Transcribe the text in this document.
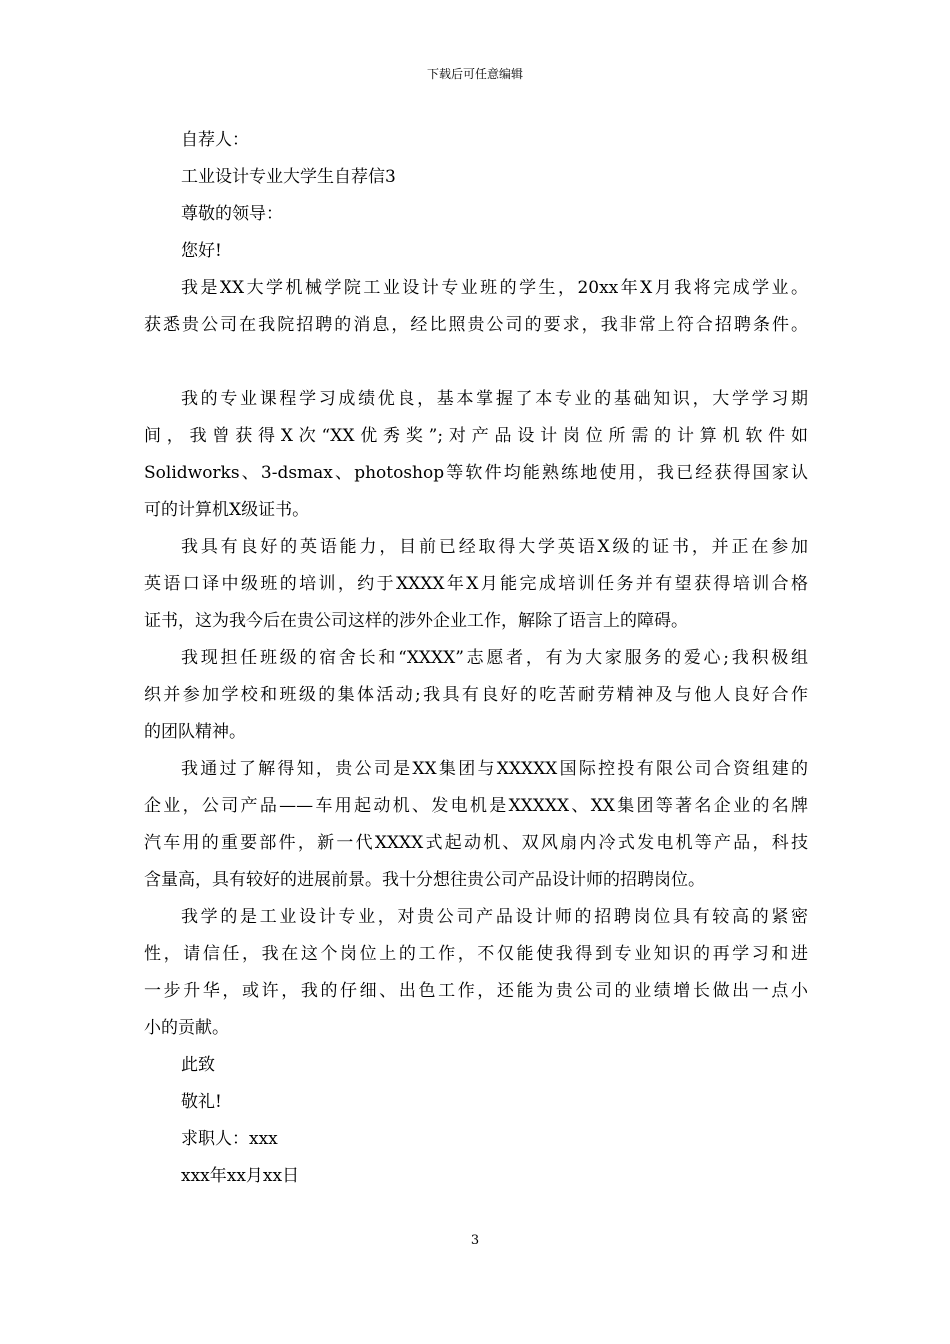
下载后可任意编辑
自荐人：
工业设计专业大学生自荐信3
尊敬的领导：
您好!
我是XX大学机械学院工业设计专业班的学生，20xx年X月我将完成学业。
获悉贵公司在我院招聘的消息，经比照贵公司的要求，我非常上符合招聘条件。
我的专业课程学习成绩优良，基本掌握了本专业的基础知识，大学学习期
间，我曾获得X次“XX优秀奖”;对产品设计岗位所需的计算机软件如
Solidworks、3-dsmax、photoshop等软件均能熟练地使用，我已经获得国家认
可的计算机X级证书。
我具有良好的英语能力，目前已经取得大学英语X级的证书，并正在参加
英语口译中级班的培训，约于XXXX年X月能完成培训任务并有望获得培训合格
证书，这为我今后在贵公司这样的涉外企业工作，解除了语言上的障碍。
我现担任班级的宿舍长和“XXXX”志愿者，有为大家服务的爱心;我积极组
织并参加学校和班级的集体活动;我具有良好的吃苦耐劳精神及与他人良好合作
的团队精神。
我通过了解得知，贵公司是XX集团与XXXXX国际控投有限公司合资组建的
企业，公司产品——车用起动机、发电机是XXXXX、XX集团等著名企业的名牌
汽车用的重要部件，新一代XXXX式起动机、双风扇内冷式发电机等产品，科技
含量高，具有较好的进展前景。我十分想往贵公司产品设计师的招聘岗位。
我学的是工业设计专业，对贵公司产品设计师的招聘岗位具有较高的紧密
性，请信任，我在这个岗位上的工作，不仅能使我得到专业知识的再学习和进
一步升华，或许，我的仔细、出色工作，还能为贵公司的业绩增长做出一点小
小的贡献。
此致
敬礼!
求职人：xxx
xxx年xx月xx日
3
